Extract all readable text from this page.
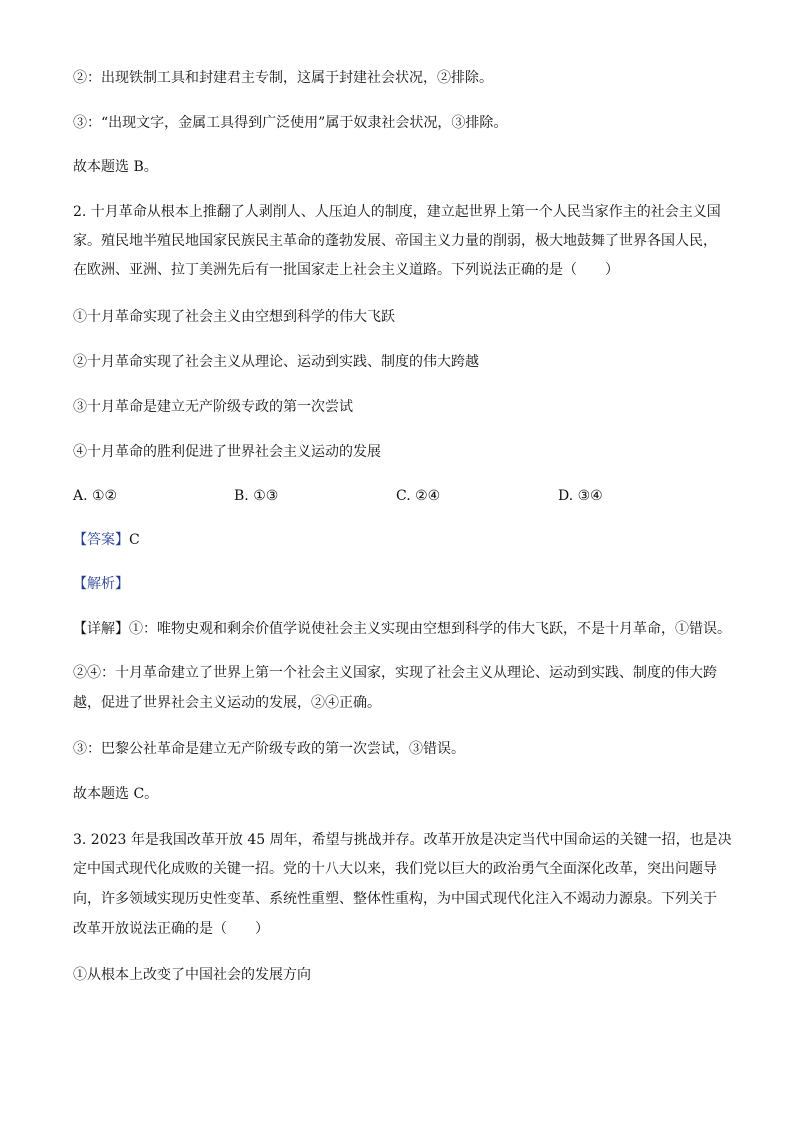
②：出现铁制工具和封建君主专制，这属于封建社会状况，②排除。
③：“出现文字，金属工具得到广泛使用”属于奴隶社会状况，③排除。
故本题选 B。
2. 十月革命从根本上推翻了人剥削人、人压迫人的制度，建立起世界上第一个人民当家作主的社会主义国
家。殖民地半殖民地国家民族民主革命的蓬勃发展、帝国主义力量的削弱，极大地鼓舞了世界各国人民，
在欧洲、亚洲、拉丁美洲先后有一批国家走上社会主义道路。下列说法正确的是（　　）
①十月革命实现了社会主义由空想到科学的伟大飞跃
②十月革命实现了社会主义从理论、运动到实践、制度的伟大跨越
③十月革命是建立无产阶级专政的第一次尝试
④十月革命的胜利促进了世界社会主义运动的发展
A. ①②	B. ①③	C. ②④	D. ③④
【答案】C
【解析】
【详解】①：唯物史观和剩余价值学说使社会主义实现由空想到科学的伟大飞跃，不是十月革命，①错误。
②④：十月革命建立了世界上第一个社会主义国家，实现了社会主义从理论、运动到实践、制度的伟大跨
越，促进了世界社会主义运动的发展，②④正确。
③：巴黎公社革命是建立无产阶级专政的第一次尝试，③错误。
故本题选 C。
3. 2023 年是我国改革开放 45 周年，希望与挑战并存。改革开放是决定当代中国命运的关键一招，也是决
定中国式现代化成败的关键一招。党的十八大以来，我们党以巨大的政治勇气全面深化改革，突出问题导
向，许多领域实现历史性变革、系统性重塑、整体性重构，为中国式现代化注入不竭动力源泉。下列关于
改革开放说法正确的是（　　）
①从根本上改变了中国社会的发展方向
